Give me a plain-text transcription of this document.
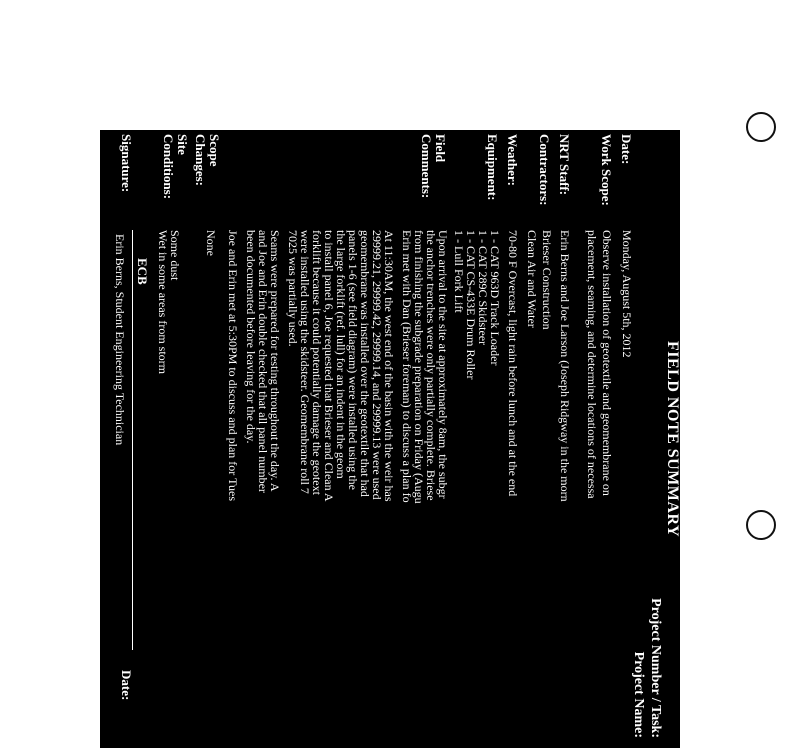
FIELD NOTE SUMMARY
Project Number / Task:
Project Name:
Date:
Monday, August 5th, 2012
Work Scope:
Observe installation of geotextile and geomembrane on
placement, seaming, and determine locations of necessa
NRT Staff:
Erin Berns and Joe Larson (Joseph Ridgway in the morn
Contractors:
Brieser Construction
Clean Air and Water
Weather:
70-80 F Overcast, light rain before lunch and at the end
Equipment:
1 - CAT 963D Track Loader
1 - CAT 289C Skidsteer
1 - CAT CS-433E Drum Roller
1 - Lull Fork Lift
Field
Comments:
Upon arrival to the site at approximately 8am, the subgr
the anchor trenches were only partially complete. Briese
from finishing the subgrade preparation on Friday (Augu
Erin met with Dan (Brieser foreman) to discuss a plan fo
At 11:30AM, the west end of the basin with the weir has
29999.21, 29999.42, 29999.14, and 29999.13 were used
geomembrane was installed over the geotextile that had
panels 1-6 (see field diagram) were installed using the
the large forklift (ref. lull) for an indent in the geom
to install panel 6, Joe requested that Brieser and Clean A
forklift because it could potentially damage the geotext
were installed using the skidsteer. Geomembrane roll 7
7025 was partially used.
Seams were prepared for testing throughout the day. A
and Joe and Erin double checked that all panel number
been documented before leaving for the day.
Joe and Erin met at 5:30PM to discuss and plan for Tues
Scope
Changes:
None
Site
Conditions:
Some dust
Wet in some areas from storm
Signature:
ECB
Erin Berns, Student Engineering Technician
Date:
